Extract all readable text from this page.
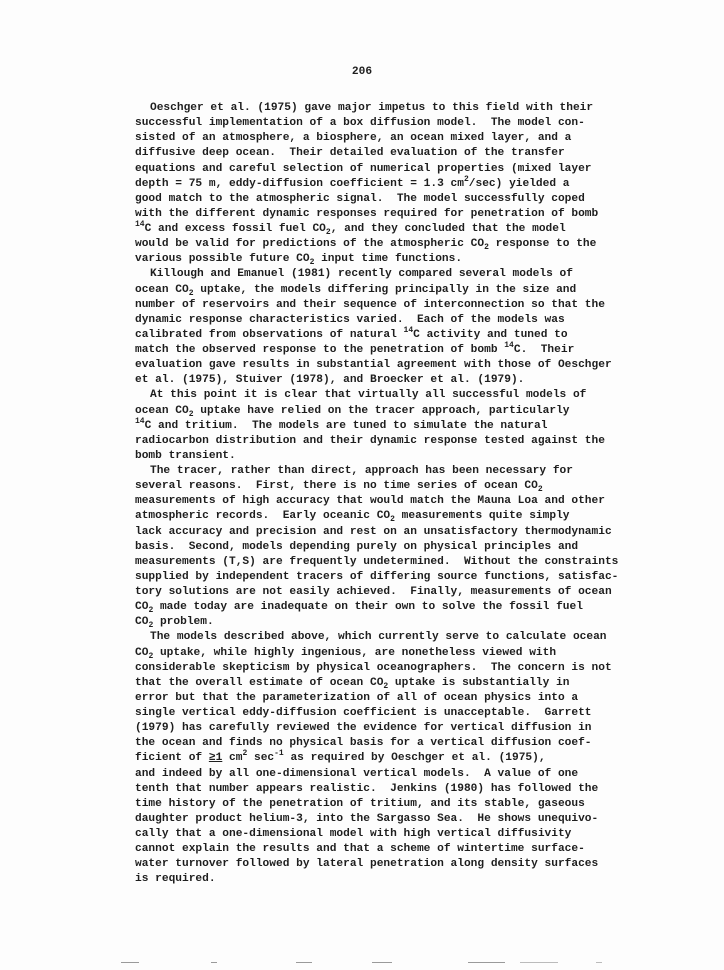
206
Oeschger et al. (1975) gave major impetus to this field with their
successful implementation of a box diffusion model.  The model con-
sisted of an atmosphere, a biosphere, an ocean mixed layer, and a
diffusive deep ocean.  Their detailed evaluation of the transfer
equations and careful selection of numerical properties (mixed layer
depth = 75 m, eddy-diffusion coefficient = 1.3 $cm^2/\sec$) yielded a
good match to the atmospheric signal.  The model successfully coped
with the different dynamic responses required for penetration of bomb
$^{14}$C and excess fossil fuel $CO_2$, and they concluded that the model
would be valid for predictions of the atmospheric $CO_2$ response to the
various possible future $CO_2$ input time functions.
Killough and Emanuel (1981) recently compared several models of
ocean $CO_2$ uptake, the models differing principally in the size and
number of reservoirs and their sequence of interconnection so that the
dynamic response characteristics varied.  Each of the models was
calibrated from observations of natural $^{14}$C activity and tuned to
match the observed response to the penetration of bomb $^{14}$C.  Their
evaluation gave results in substantial agreement with those of Oeschger
et al. (1975), Stuiver (1978), and Broecker et al. (1979).
At this point it is clear that virtually all successful models of
ocean $CO_2$ uptake have relied on the tracer approach, particularly
$^{14}$C and tritium.  The models are tuned to simulate the natural
radiocarbon distribution and their dynamic response tested against the
bomb transient.
The tracer, rather than direct, approach has been necessary for
several reasons.  First, there is no time series of ocean $CO_2$
measurements of high accuracy that would match the Mauna Loa and other
atmospheric records.  Early oceanic $CO_2$ measurements quite simply
lack accuracy and precision and rest on an unsatisfactory thermodynamic
basis.  Second, models depending purely on physical principles and
measurements (T,S) are frequently undetermined.  Without the constraints
supplied by independent tracers of differing source functions, satisfac-
tory solutions are not easily achieved.  Finally, measurements of ocean
$CO_2$ made today are inadequate on their own to solve the fossil fuel
$CO_2$ problem.
The models described above, which currently serve to calculate ocean
$CO_2$ uptake, while highly ingenious, are nonetheless viewed with
considerable skepticism by physical oceanographers.  The concern is not
that the overall estimate of ocean $CO_2$ uptake is substantially in
error but that the parameterization of all of ocean physics into a
single vertical eddy-diffusion coefficient is unacceptable.  Garrett
(1979) has carefully reviewed the evidence for vertical diffusion in
the ocean and finds no physical basis for a vertical diffusion coef-
ficient of ≥1 $cm^2$ $\sec^{-1}$ as required by Oeschger et al. (1975),
and indeed by all one-dimensional vertical models.  A value of one
tenth that number appears realistic.  Jenkins (1980) has followed the
time history of the penetration of tritium, and its stable, gaseous
daughter product helium-3, into the Sargasso Sea.  He shows unequivo-
cally that a one-dimensional model with high vertical diffusivity
cannot explain the results and that a scheme of wintertime surface-
water turnover followed by lateral penetration along density surfaces
is required.
